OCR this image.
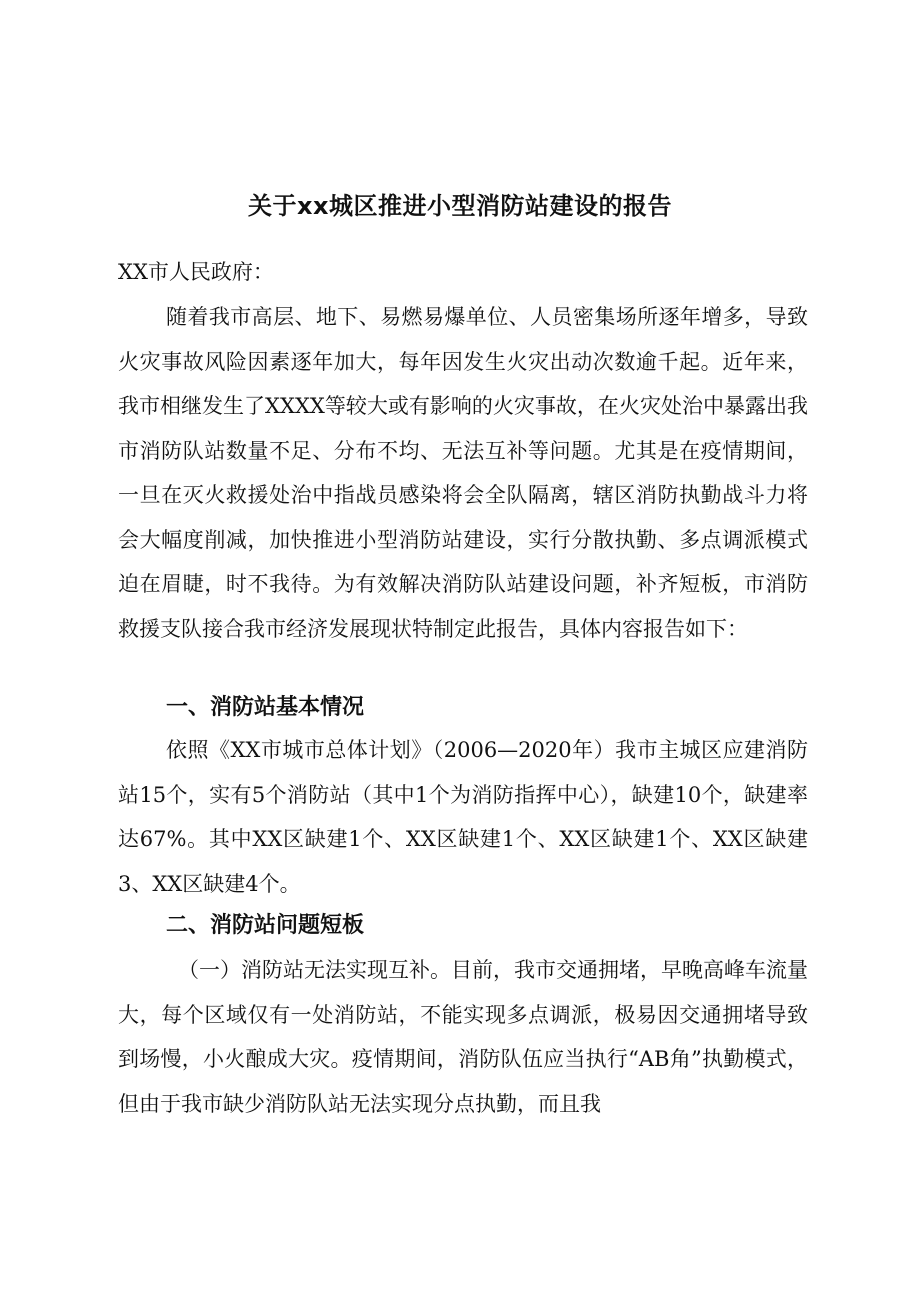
关于xx城区推进小型消防站建设的报告
XX市人民政府：
随着我市高层、地下、易燃易爆单位、人员密集场所逐年增多，导致火灾事故风险因素逐年加大，每年因发生火灾出动次数逾千起。近年来，我市相继发生了XXXX等较大或有影响的火灾事故，在火灾处治中暴露出我市消防队站数量不足、分布不均、无法互补等问题。尤其是在疫情期间，一旦在灭火救援处治中指战员感染将会全队隔离，辖区消防执勤战斗力将会大幅度削减，加快推进小型消防站建设，实行分散执勤、多点调派模式迫在眉睫，时不我待。为有效解决消防队站建设问题，补齐短板，市消防救援支队接合我市经济发展现状特制定此报告，具体内容报告如下：
一、消防站基本情况
依照《XX市城市总体计划》（2006—2020年）我市主城区应建消防站15个，实有5个消防站（其中1个为消防指挥中心），缺建10个，缺建率达67%。其中XX区缺建1个、XX区缺建1个、XX区缺建1个、XX区缺建3、XX区缺建4个。
二、消防站问题短板
（一）消防站无法实现互补。目前，我市交通拥堵，早晚高峰车流量大，每个区域仅有一处消防站，不能实现多点调派，极易因交通拥堵导致到场慢，小火酿成大灾。疫情期间，消防队伍应当执行“AB角”执勤模式，但由于我市缺少消防队站无法实现分点执勤，而且我
